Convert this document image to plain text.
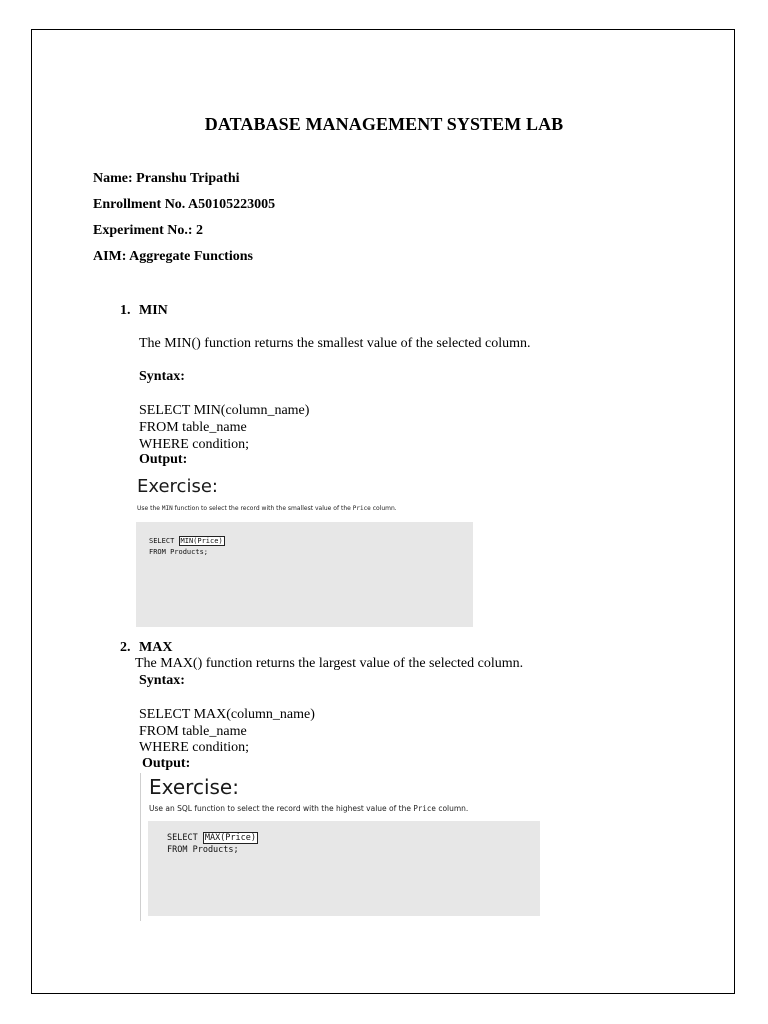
DATABASE MANAGEMENT SYSTEM LAB
Name: Pranshu Tripathi
Enrollment No. A50105223005
Experiment No.: 2
AIM: Aggregate Functions
1. MIN
The MIN() function returns the smallest value of the selected column.
Syntax:
SELECT MIN(column_name)
FROM table_name
WHERE condition;
Output:
Exercise:
Use the MIN function to select the record with the smallest value of the Price column.
SELECT MIN(Price)
FROM Products;
2. MAX
The MAX() function returns the largest value of the selected column.
Syntax:
SELECT MAX(column_name)
FROM table_name
WHERE condition;
Output:
Exercise:
Use an SQL function to select the record with the highest value of the Price column.
SELECT MAX(Price)
FROM Products;
